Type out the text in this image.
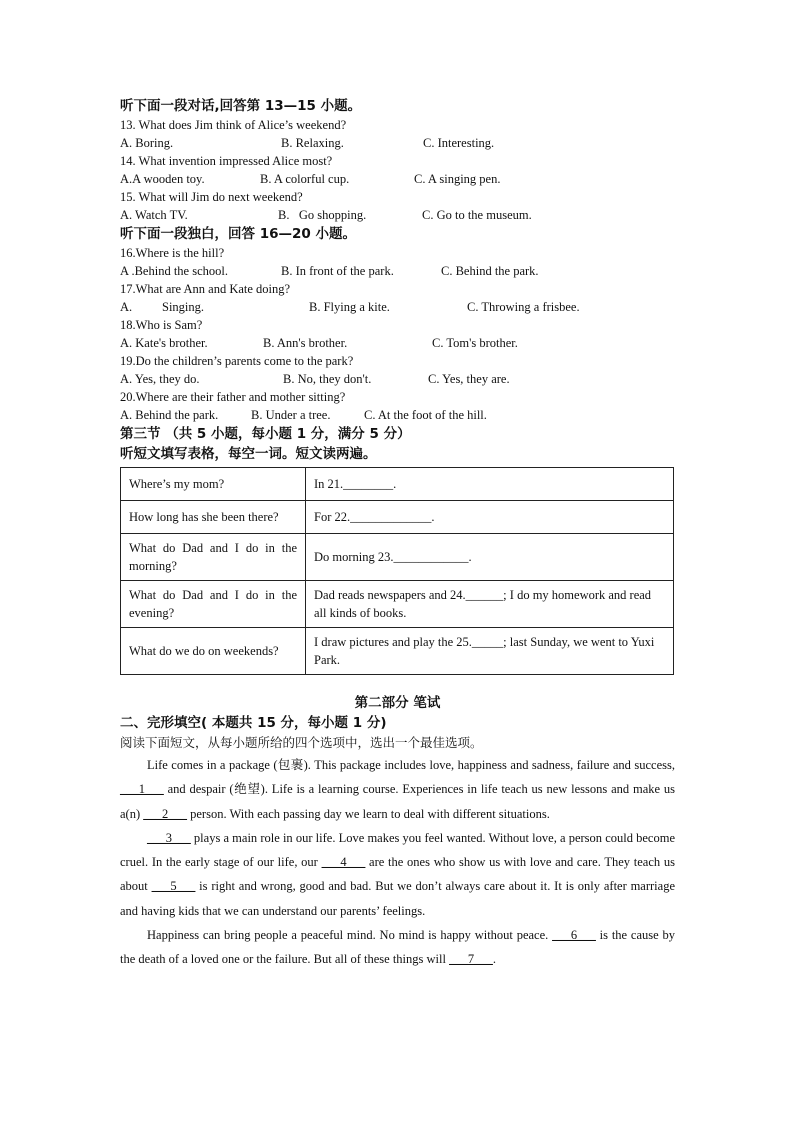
听下面一段对话,回答第 13—15 小题。
13. What does Jim think of Alice’s weekend?
A. Boring.	B. Relaxing.	C. Interesting.
14. What invention impressed Alice most?
A.A wooden toy.	B. A colorful cup.	C. A singing pen.
15. What will Jim do next weekend?
A. Watch TV.	B.   Go shopping.	C. Go to the museum.
听下面一段独白，回答 16—20 小题。
16.Where is the hill?
A .Behind the school.	B. In front of the park.	C. Behind the park.
17.What are Ann and Kate doing?
A. Singing.	B. Flying a kite.	C. Throwing a frisbee.
18.Who is Sam?
A. Kate's brother.	B. Ann's brother.	C. Tom's brother.
19.Do the children’s parents come to the park?
A. Yes, they do.	B. No, they don't.	C. Yes, they are.
20.Where are their father and mother sitting?
A. Behind the park.	B. Under a tree.	C. At the foot of the hill.
第三节 （共 5 小题，每小题 1 分，满分 5 分）
听短文填写表格，每空一词。短文读两遍。
Where’s my mom?	In 21.________.
How long has she been there?	For 22._____________.
What do Dad and I do in the morning?	Do morning 23.____________.
What do Dad and I do in the evening?	Dad reads newspapers and 24.______; I do my homework and read all kinds of books.
What do we do on weekends?	I draw pictures and play the 25._____; last Sunday, we went to Yuxi Park.
第二部分 笔试
二、完形填空( 本题共 15 分，每小题 1 分)
阅读下面短文，从每小题所给的四个选项中，选出一个最佳选项。

Life comes in a package (包裹). This package includes love, happiness and sadness, failure and success, ___1___ and despair (绝望). Life is a learning course. Experiences in life teach us new lessons and make us a(n) ___2___ person. With each passing day we learn to deal with different situations.

___3___ plays a main role in our life. Love makes you feel wanted. Without love, a person could become cruel. In the early stage of our life, our ___4___ are the ones who show us with love and care. They teach us about ___5___ is right and wrong, good and bad. But we don’t always care about it. It is only after marriage and having kids that we can understand our parents’ feelings.

Happiness can bring people a peaceful mind. No mind is happy without peace. ___6___ is the cause by the death of a loved one or the failure. But all of these things will ___7___.
